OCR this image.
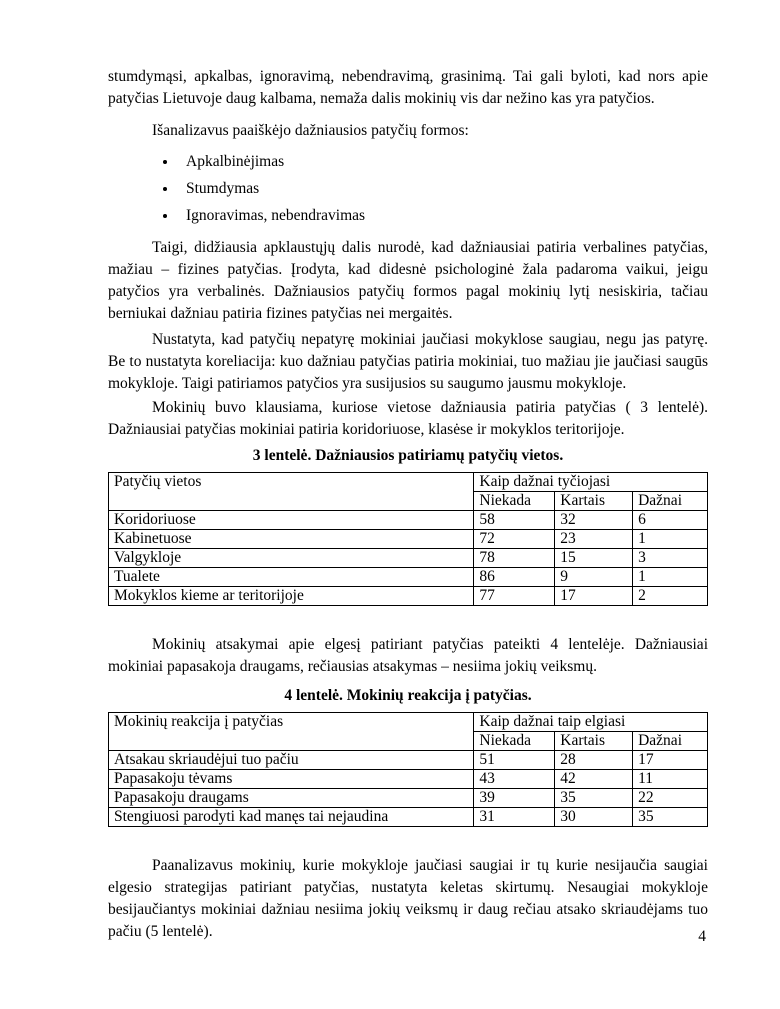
stumdymąsi, apkalbas, ignoravimą, nebendravimą, grasinimą. Tai gali byloti, kad nors apie patyčias Lietuvoje daug kalbama, nemaža dalis mokinių vis dar nežino kas yra patyčios.

Išanalizavus paaiškėjo dažniausios patyčių formos:

• Apkalbinėjimas
• Stumdymas
• Ignoravimas, nebendravimas

Taigi, didžiausia apklaustųjų dalis nurodė, kad dažniausiai patiria verbalines patyčias, mažiau – fizines patyčias. Įrodyta, kad didesnė psichologinė žala padaroma vaikui, jeigu patyčios yra verbalinės. Dažniausios patyčių formos pagal mokinių lytį nesiskiria, tačiau berniukai dažniau patiria fizines patyčias nei mergaitės.

Nustatyta, kad patyčių nepatyrę mokiniai jaučiasi mokyklose saugiau, negu jas patyrę. Be to nustatyta koreliacija: kuo dažniau patyčias patiria mokiniai, tuo mažiau jie jaučiasi saugūs mokykloje. Taigi patiriamos patyčios yra susijusios su saugumo jausmu mokykloje.

Mokinių buvo klausiama, kuriose vietose dažniausia patiria patyčias ( 3 lentelė). Dažniausiai patyčias mokiniai patiria koridoriuose, klasėse ir mokyklos teritorijoje.

3 lentelė. Dažniausios patiriamų patyčių vietos.

Patyčių vietos	Kaip dažnai tyčiojasi		
	Niekada	Kartais	Dažnai
Koridoriuose	58	32	6
Kabinetuose	72	23	1
Valgykloje	78	15	3
Tualete	86	9	1
Mokyklos kieme ar teritorijoje	77	17	2

Mokinių atsakymai apie elgesį patiriant patyčias pateikti 4 lentelėje. Dažniausiai mokiniai papasakoja draugams, rečiausias atsakymas – nesiima jokių veiksmų.

4 lentelė. Mokinių reakcija į patyčias.

Mokinių reakcija į patyčias	Kaip dažnai taip elgiasi		
	Niekada	Kartais	Dažnai
Atsakau skriaudėjui tuo pačiu	51	28	17
Papasakoju tėvams	43	42	11
Papasakoju draugams	39	35	22
Stengiuosi parodyti kad manęs tai nejaudina	31	30	35

Paanalizavus mokinių, kurie mokykloje jaučiasi saugiai ir tų kurie nesijaučia saugiai elgesio strategijas patiriant patyčias, nustatyta keletas skirtumų. Nesaugiai mokykloje besijaučiantys mokiniai dažniau nesiima jokių veiksmų ir daug rečiau atsako skriaudėjams tuo pačiu (5 lentelė).	4
